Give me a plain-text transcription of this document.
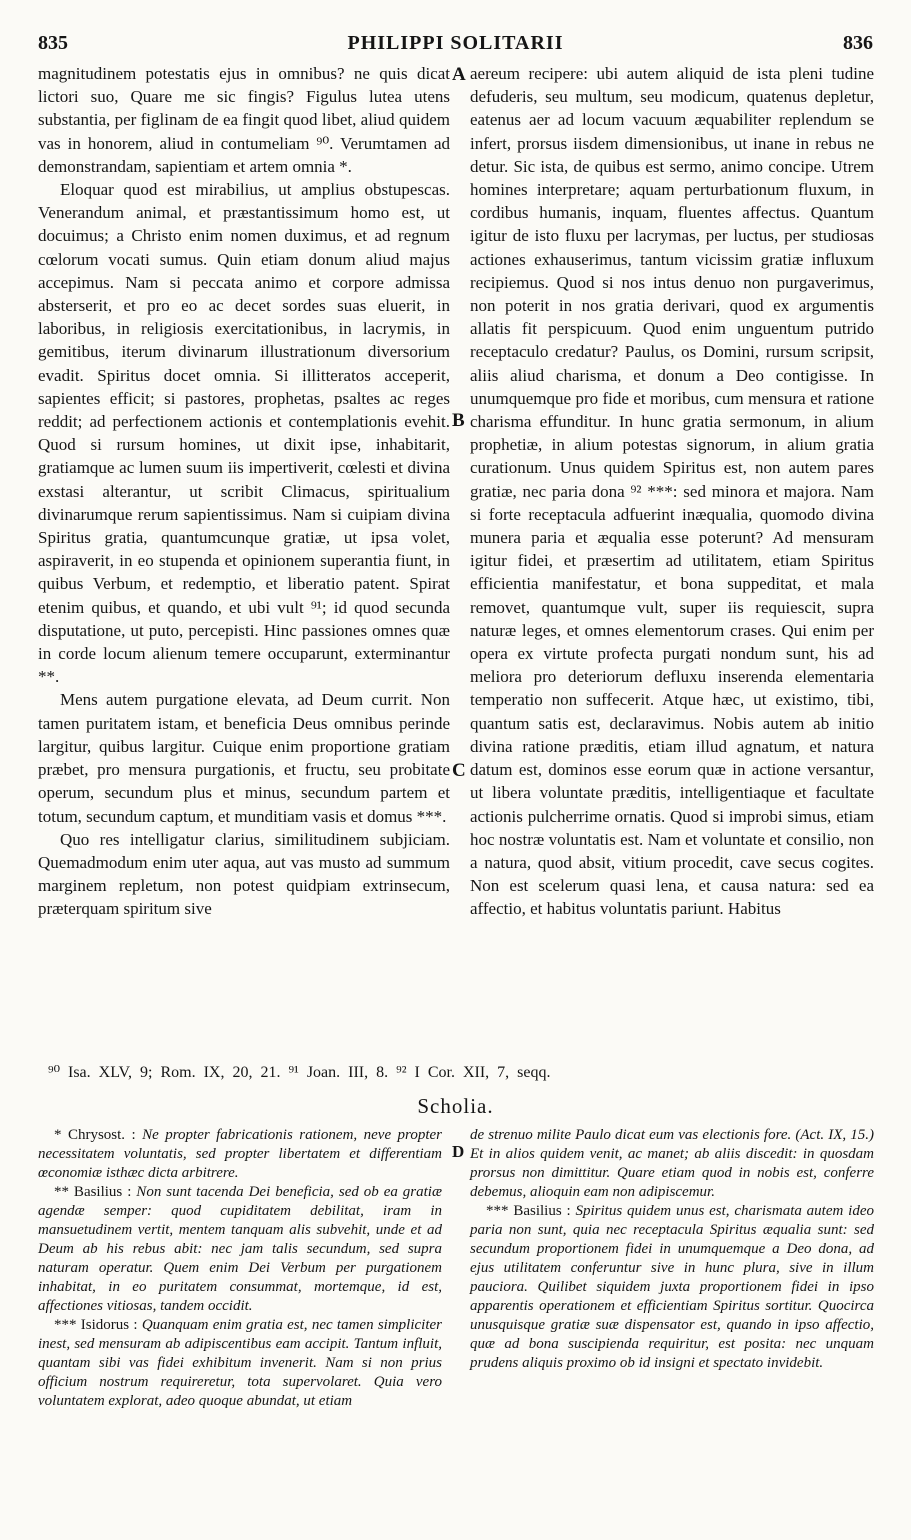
835	PHILIPPI SOLITARII	836

magnitudinem potestatis ejus in omnibus? ne quis dicat lictori suo, Quare me sic fingis? Figulus lutea utens substantia, per figlinam de ea fingit quod libet, aliud quidem vas in honorem, aliud in contumeliam ⁹⁰. Verumtamen ad demonstrandam, sapientiam et artem omnia *.

Eloquar quod est mirabilius, ut amplius obstupescas. Venerandum animal, et præstantissimum homo est, ut docuimus; a Christo enim nomen duximus, et ad regnum cœlorum vocati sumus. Quin etiam donum aliud majus accepimus. Nam si peccata animo et corpore admissa absterserit, et pro eo ac decet sordes suas eluerit, in laboribus, in religiosis exercitationibus, in lacrymis, in gemitibus, iterum divinarum illustrationum diversorium evadit. Spiritus docet omnia. Si illitteratos acceperit, sapientes efficit; si pastores, prophetas, psaltes ac reges reddit; ad perfectionem actionis et contemplationis evehit. Quod si rursum homines, ut dixit ipse, inhabitarit, gratiamque ac lumen suum iis impertiverit, cœlesti et divina exstasi alterantur, ut scribit Climacus, spiritualium divinarumque rerum sapientissimus. Nam si cuipiam divina Spiritus gratia, quantumcunque gratiæ, ut ipsa volet, aspiraverit, in eo stupenda et opinionem superantia fiunt, in quibus Verbum, et redemptio, et liberatio patent. Spirat etenim quibus, et quando, et ubi vult ⁹¹; id quod secunda disputatione, ut puto, percepisti. Hinc passiones omnes quæ in corde locum alienum temere occuparunt, exterminantur **.

Mens autem purgatione elevata, ad Deum currit. Non tamen puritatem istam, et beneficia Deus omnibus perinde largitur, quibus largitur. Cuique enim proportione gratiam præbet, pro mensura purgationis, et fructu, seu probitate operum, secundum plus et minus, secundum partem et totum, secundum captum, et munditiam vasis et domus ***.

Quo res intelligatur clarius, similitudinem subjiciam. Quemadmodum enim uter aqua, aut vas musto ad summum marginem repletum, non potest quidpiam extrinsecum, præterquam spiritum sive

A
B
C

aereum recipere: ubi autem aliquid de ista pleni tudine defuderis, seu multum, seu modicum, quatenus depletur, eatenus aer ad locum vacuum æquabiliter replendum se infert, prorsus iisdem dimensionibus, ut inane in rebus ne detur. Sic ista, de quibus est sermo, animo concipe. Utrem homines interpretare; aquam perturbationum fluxum, in cordibus humanis, inquam, fluentes affectus. Quantum igitur de isto fluxu per lacrymas, per luctus, per studiosas actiones exhauserimus, tantum vicissim gratiæ influxum recipiemus. Quod si nos intus denuo non purgaverimus, non poterit in nos gratia derivari, quod ex argumentis allatis fit perspicuum. Quod enim unguentum putrido receptaculo credatur? Paulus, os Domini, rursum scripsit, aliis aliud charisma, et donum a Deo contigisse. In unumquemque pro fide et moribus, cum mensura et ratione charisma effunditur. In hunc gratia sermonum, in alium prophetiæ, in alium potestas signorum, in alium gratia curationum. Unus quidem Spiritus est, non autem pares gratiæ, nec paria dona ⁹² ***: sed minora et majora. Nam si forte receptacula adfuerint inæqualia, quomodo divina munera paria et æqualia esse poterunt? Ad mensuram igitur fidei, et præsertim ad utilitatem, etiam Spiritus efficientia manifestatur, et bona suppeditat, et mala removet, quantumque vult, super iis requiescit, supra naturæ leges, et omnes elementorum crases. Qui enim per opera ex virtute profecta purgati nondum sunt, his ad meliora pro deteriorum defluxu inserenda elementaria temperatio non suffecerit. Atque hæc, ut existimo, tibi, quantum satis est, declaravimus. Nobis autem ab initio divina ratione præditis, etiam illud agnatum, et natura datum est, dominos esse eorum quæ in actione versantur, ut libera voluntate præditis, intelligentiaque et facultate actionis pulcherrime ornatis. Quod si improbi simus, etiam hoc nostræ voluntatis est. Nam et voluntate et consilio, non a natura, quod absit, vitium procedit, cave secus cogites. Non est scelerum quasi lena, et causa natura: sed ea affectio, et habitus voluntatis pariunt. Habitus

⁹⁰ Isa. XLV, 9; Rom. IX, 20, 21. ⁹¹ Joan. III, 8. ⁹² I Cor. XII, 7, seqq.
Scholia.
D

* Chrysost. : Ne propter fabricationis rationem, neve propter necessitatem voluntatis, sed propter libertatem et differentiam œconomiæ isthæc dicta arbitrere.

** Basilius : Non sunt tacenda Dei beneficia, sed ob ea gratiæ agendæ semper: quod cupiditatem debilitat, iram in mansuetudinem vertit, mentem tanquam alis subvehit, unde et ad Deum ab his rebus abit: nec jam talis secundum, sed supra naturam operatur. Quem enim Dei Verbum per purgationem inhabitat, in eo puritatem consummat, mortemque, id est, affectiones vitiosas, tandem occidit.

*** Isidorus : Quanquam enim gratia est, nec tamen simpliciter inest, sed mensuram ab adipiscentibus eam accipit. Tantum influit, quantam sibi vas fidei exhibitum invenerit. Nam si non prius officium nostrum requireretur, tota supervolaret. Quia vero voluntatem explorat, adeo quoque abundat, ut etiam

de strenuo milite Paulo dicat eum vas electionis fore. (Act. IX, 15.) Et in alios quidem venit, ac manet; ab aliis discedit: in quosdam prorsus non dimittitur. Quare etiam quod in nobis est, conferre debemus, alioquin eam non adipiscemur.

*** Basilius : Spiritus quidem unus est, charismata autem ideo paria non sunt, quia nec receptacula Spiritus æqualia sunt: sed secundum proportionem fidei in unumquemque a Deo dona, ad ejus utilitatem conferuntur sive in hunc plura, sive in illum pauciora. Quilibet siquidem juxta proportionem fidei in ipso apparentis operationem et efficientiam Spiritus sortitur. Quocirca unusquisque gratiæ suæ dispensator est, quando in ipso affectio, quæ ad bona suscipienda requiritur, est posita: nec unquam prudens aliquis proximo ob id insigni et spectato invidebit.
